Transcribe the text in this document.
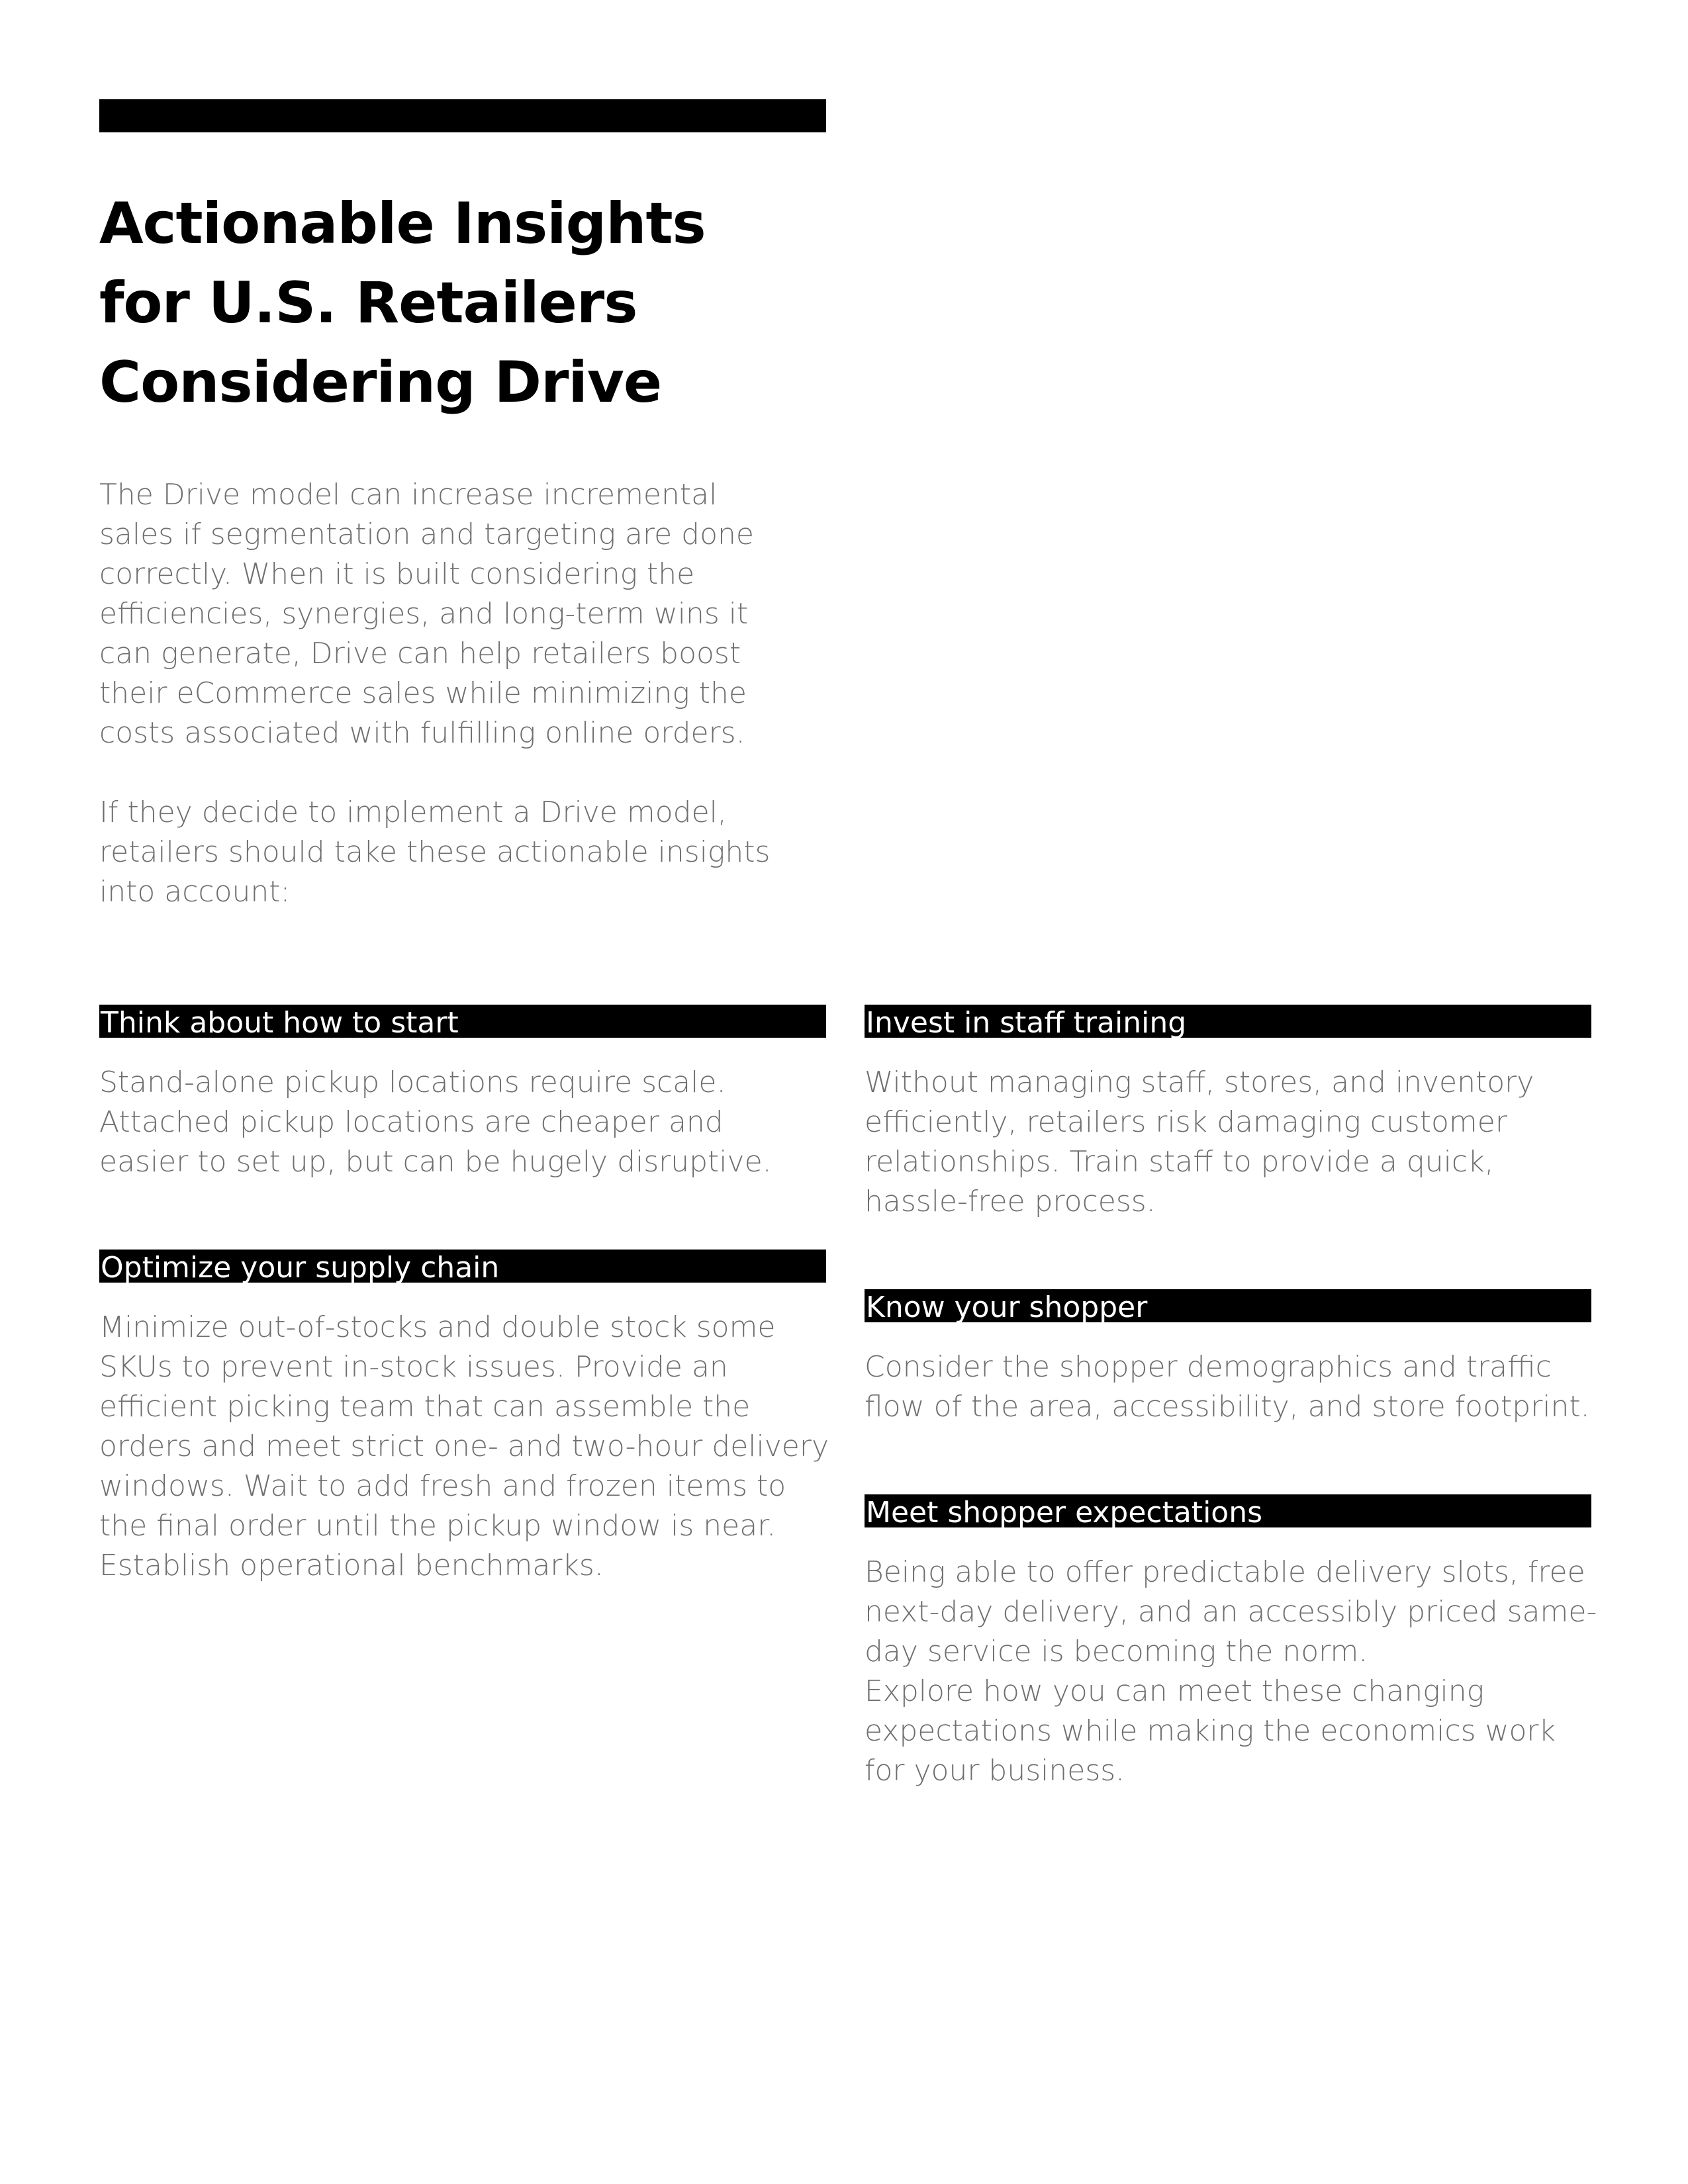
Actionable Insights
for U.S. Retailers
Considering Drive

The Drive model can increase incremental
sales if segmentation and targeting are done
correctly. When it is built considering the
efficiencies, synergies, and long-term wins it
can generate, Drive can help retailers boost
their eCommerce sales while minimizing the
costs associated with fulfilling online orders.

If they decide to implement a Drive model,
retailers should take these actionable insights
into account:

Think about how to start
Stand-alone pickup locations require scale.
Attached pickup locations are cheaper and
easier to set up, but can be hugely disruptive.
Optimize your supply chain
Minimize out-of-stocks and double stock some
SKUs to prevent in-stock issues. Provide an
efficient picking team that can assemble the
orders and meet strict one- and two-hour delivery
windows. Wait to add fresh and frozen items to
the final order until the pickup window is near.
Establish operational benchmarks.
Invest in staff training
Without managing staff, stores, and inventory
efficiently, retailers risk damaging customer
relationships. Train staff to provide a quick,
hassle-free process.
Know your shopper
Consider the shopper demographics and traffic
flow of the area, accessibility, and store footprint.
Meet shopper expectations
Being able to offer predictable delivery slots, free
next-day delivery, and an accessibly priced same-
day service is becoming the norm.
Explore how you can meet these changing
expectations while making the economics work
for your business.
